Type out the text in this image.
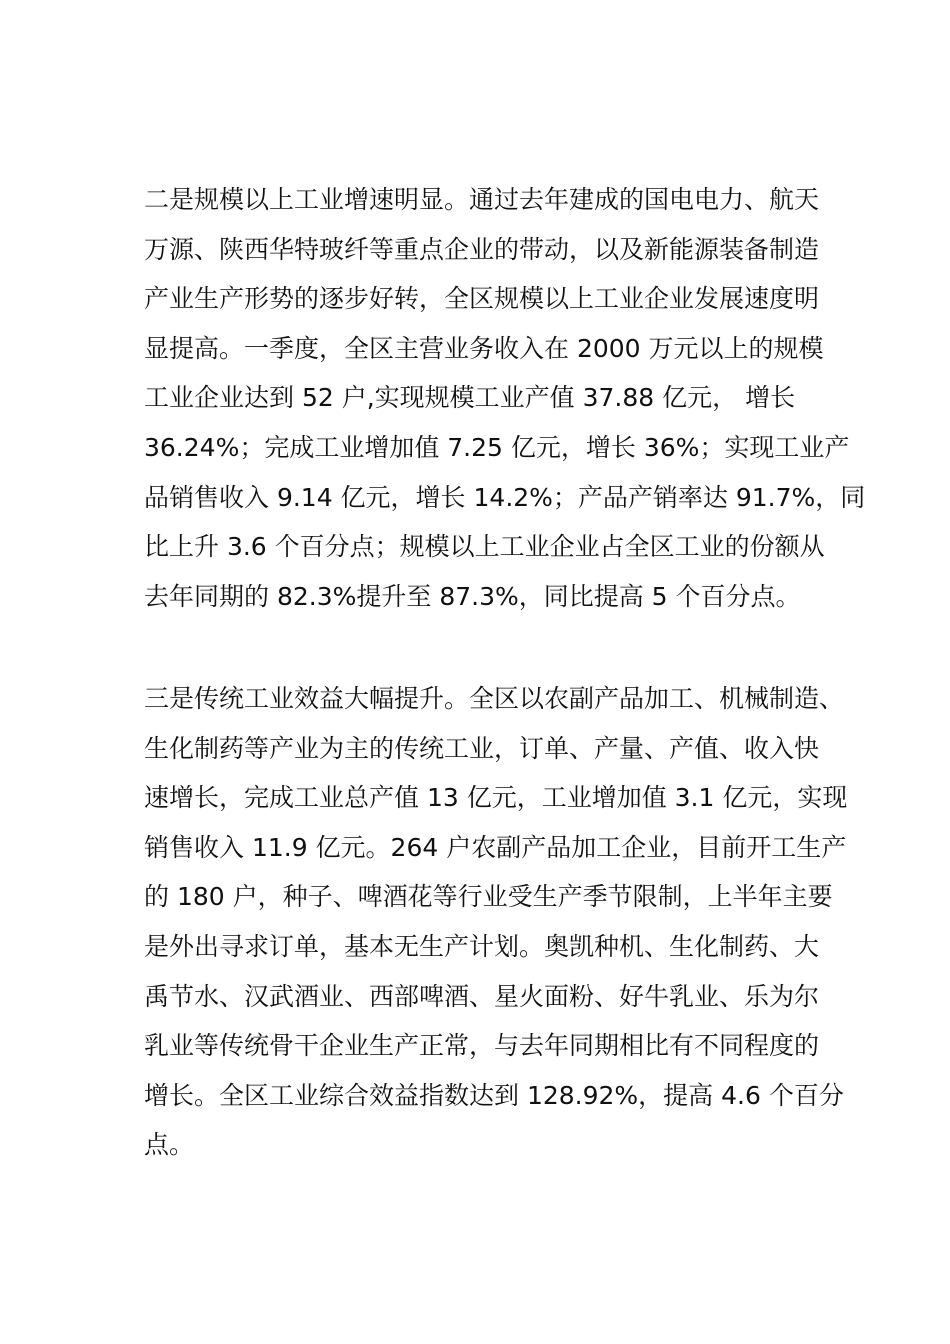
二是规模以上工业增速明显。通过去年建成的国电电力、航天
万源、陕西华特玻纤等重点企业的带动，以及新能源装备制造
产业生产形势的逐步好转，全区规模以上工业企业发展速度明
显提高。一季度，全区主营业务收入在 2000 万元以上的规模
工业企业达到 52 户,实现规模工业产值 37.88 亿元， 增长
36.24%；完成工业增加值 7.25 亿元，增长 36%；实现工业产
品销售收入 9.14 亿元，增长 14.2%；产品产销率达 91.7%，同
比上升 3.6 个百分点；规模以上工业企业占全区工业的份额从
去年同期的 82.3%提升至 87.3%，同比提高 5 个百分点。

三是传统工业效益大幅提升。全区以农副产品加工、机械制造、
生化制药等产业为主的传统工业，订单、产量、产值、收入快
速增长，完成工业总产值 13 亿元，工业增加值 3.1 亿元，实现
销售收入 11.9 亿元。264 户农副产品加工企业，目前开工生产
的 180 户，种子、啤酒花等行业受生产季节限制，上半年主要
是外出寻求订单，基本无生产计划。奥凯种机、生化制药、大
禹节水、汉武酒业、西部啤酒、星火面粉、好牛乳业、乐为尔
乳业等传统骨干企业生产正常，与去年同期相比有不同程度的
增长。全区工业综合效益指数达到 128.92%，提高 4.6 个百分
点。
